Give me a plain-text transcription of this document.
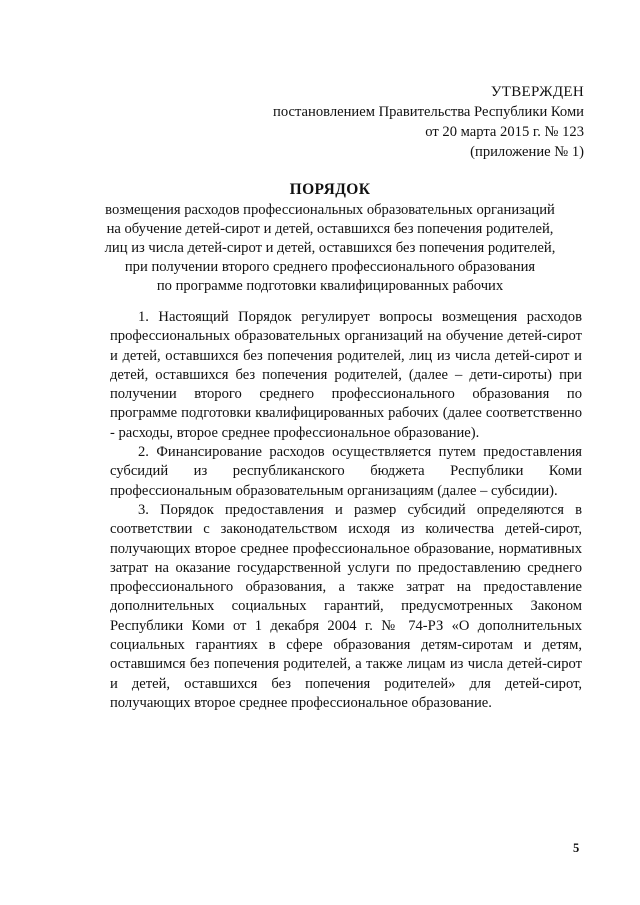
УТВЕРЖДЕН
постановлением Правительства Республики Коми
от 20 марта 2015 г. № 123
(приложение № 1)
ПОРЯДОК
возмещения расходов профессиональных образовательных организаций
на обучение детей-сирот и детей, оставшихся без попечения родителей,
лиц из числа детей-сирот и детей, оставшихся без попечения родителей,
при получении второго среднего профессионального образования
по программе подготовки квалифицированных рабочих

1. Настоящий Порядок регулирует вопросы возмещения расходов профессиональных образовательных организаций на обучение детей-сирот и детей, оставшихся без попечения родителей, лиц из числа детей-сирот и детей, оставшихся без попечения родителей, (далее – дети-сироты) при получении второго среднего профессионального образования по программе подготовки квалифицированных рабочих (далее соответственно - расходы, второе среднее профессиональное образование).

2. Финансирование расходов осуществляется путем предоставления субсидий из республиканского бюджета Республики Коми профессиональным образовательным организациям (далее – субсидии).

3. Порядок предоставления и размер субсидий определяются в соответствии с законодательством исходя из количества детей-сирот, получающих второе среднее профессиональное образование, нормативных затрат на оказание государственной услуги по предоставлению среднего профессионального образования, а также затрат на предоставление дополнительных социальных гарантий, предусмотренных Законом Республики Коми от 1 декабря 2004 г. № 74-РЗ «О дополнительных социальных гарантиях в сфере образования детям-сиротам и детям, оставшимся без попечения родителей, а также лицам из числа детей-сирот и детей, оставшихся без попечения родителей» для детей-сирот, получающих второе среднее профессиональное образование.

5
